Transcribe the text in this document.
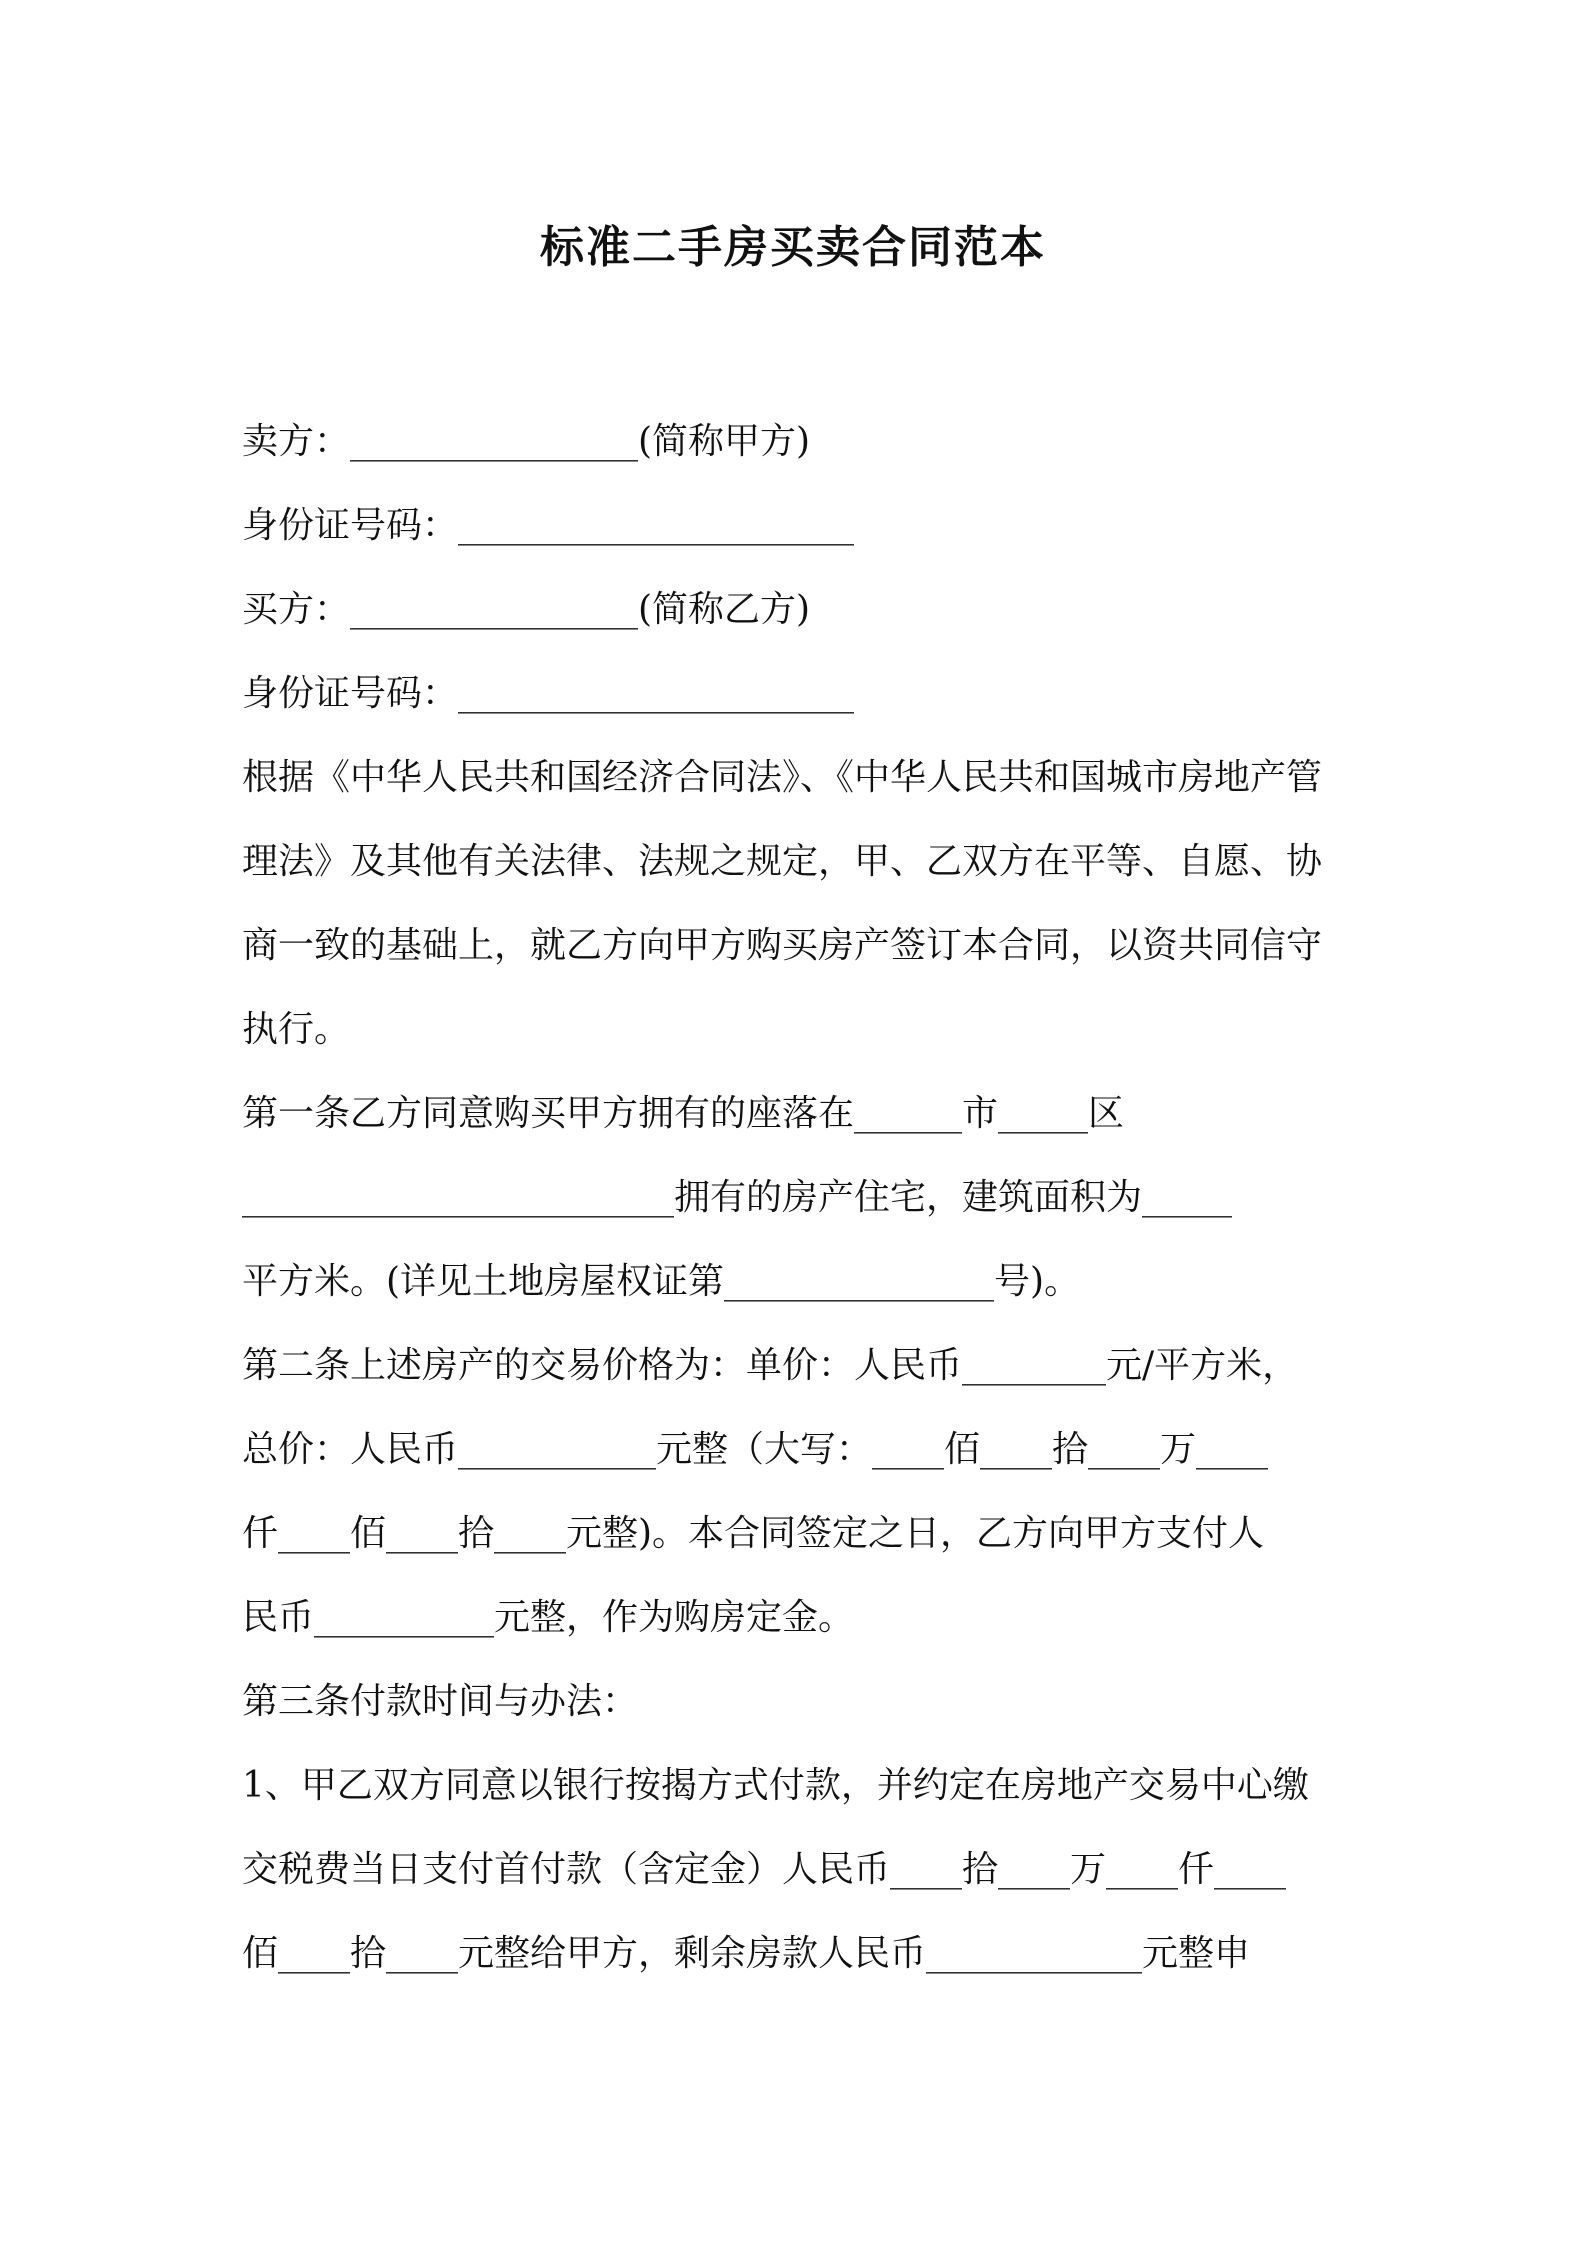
标准二手房买卖合同范本
卖方：________________(简称甲方)
身份证号码：______________________
买方：________________(简称乙方)
身份证号码：______________________
根据《中华人民共和国经济合同法》、《中华人民共和国城市房地产管
理法》及其他有关法律、法规之规定，甲、乙双方在平等、自愿、协
商一致的基础上，就乙方向甲方购买房产签订本合同，以资共同信守
执行。
第一条乙方同意购买甲方拥有的座落在______市_____区
________________________拥有的房产住宅，建筑面积为_____
平方米。(详见土地房屋权证第_______________号)。
第二条上述房产的交易价格为：单价：人民币________元/平方米，
总价：人民币___________元整（大写：____佰____拾____万____
仟____佰____拾____元整)。本合同签定之日，乙方向甲方支付人
民币__________元整，作为购房定金。
第三条付款时间与办法：
1、甲乙双方同意以银行按揭方式付款，并约定在房地产交易中心缴
交税费当日支付首付款（含定金）人民币____拾____万____仟____
佰____拾____元整给甲方，剩余房款人民币____________元整申
